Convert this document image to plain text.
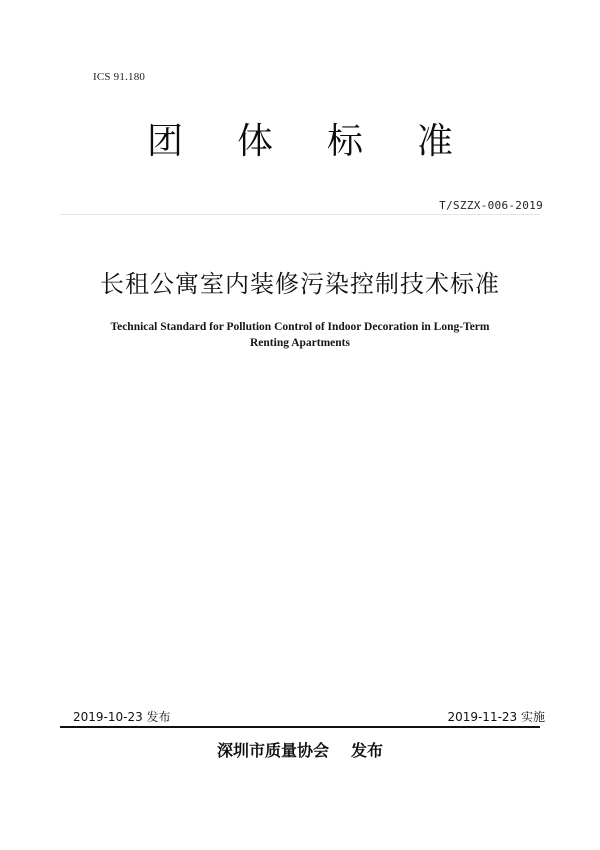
ICS 91.180
团 体 标 准
T/SZZX-006-2019
长租公寓室内装修污染控制技术标准
Technical Standard for Pollution Control of Indoor Decoration in Long-Term
Renting Apartments
2019-10-23 发布	2019-11-23 实施
深圳市质量协会 发布
